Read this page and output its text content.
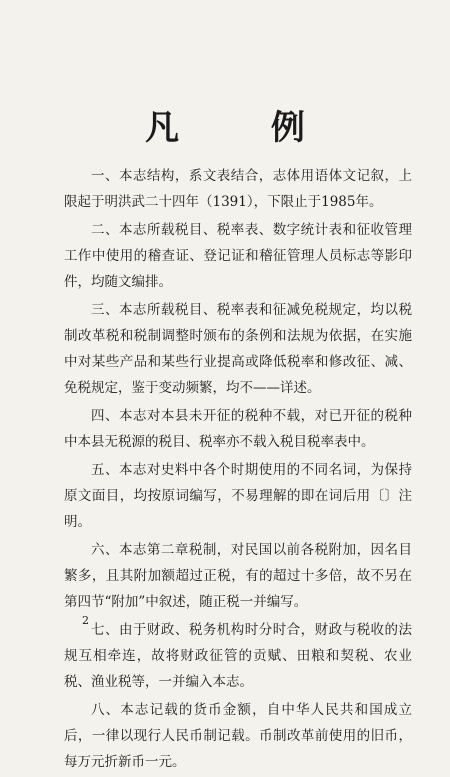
凡 例

一、本志结构，系文表结合，志体用语体文记叙，上限起于明洪武二十四年（1391），下限止于1985年。

二、本志所载税目、税率表、数字统计表和征收管理工作中使用的稽查证、登记证和稽征管理人员标志等影印件，均随文编排。

三、本志所载税目、税率表和征减免税规定，均以税制改革税和税制调整时颁布的条例和法规为依据，在实施中对某些产品和某些行业提高或降低税率和修改征、减、免税规定，鉴于变动频繁，均不——详述。

四、本志对本县未开征的税种不载，对已开征的税种中本县无税源的税目、税率亦不载入税目税率表中。

五、本志对史料中各个时期使用的不同名词，为保持原文面目，均按原词编写，不易理解的即在词后用〔〕注明。

六、本志第二章税制，对民国以前各税附加，因名目繁多，且其附加额超过正税，有的超过十多倍，故不另在第四节“附加”中叙述，随正税一并编写。

七、由于财政、税务机构时分时合，财政与税收的法规互相牵连，故将财政征管的贡赋、田粮和契税、农业税、渔业税等，一并编入本志。

八、本志记载的货币金额，自中华人民共和国成立后，一律以现行人民币制记载。币制改革前使用的旧币，每万元折新币一元。

2
